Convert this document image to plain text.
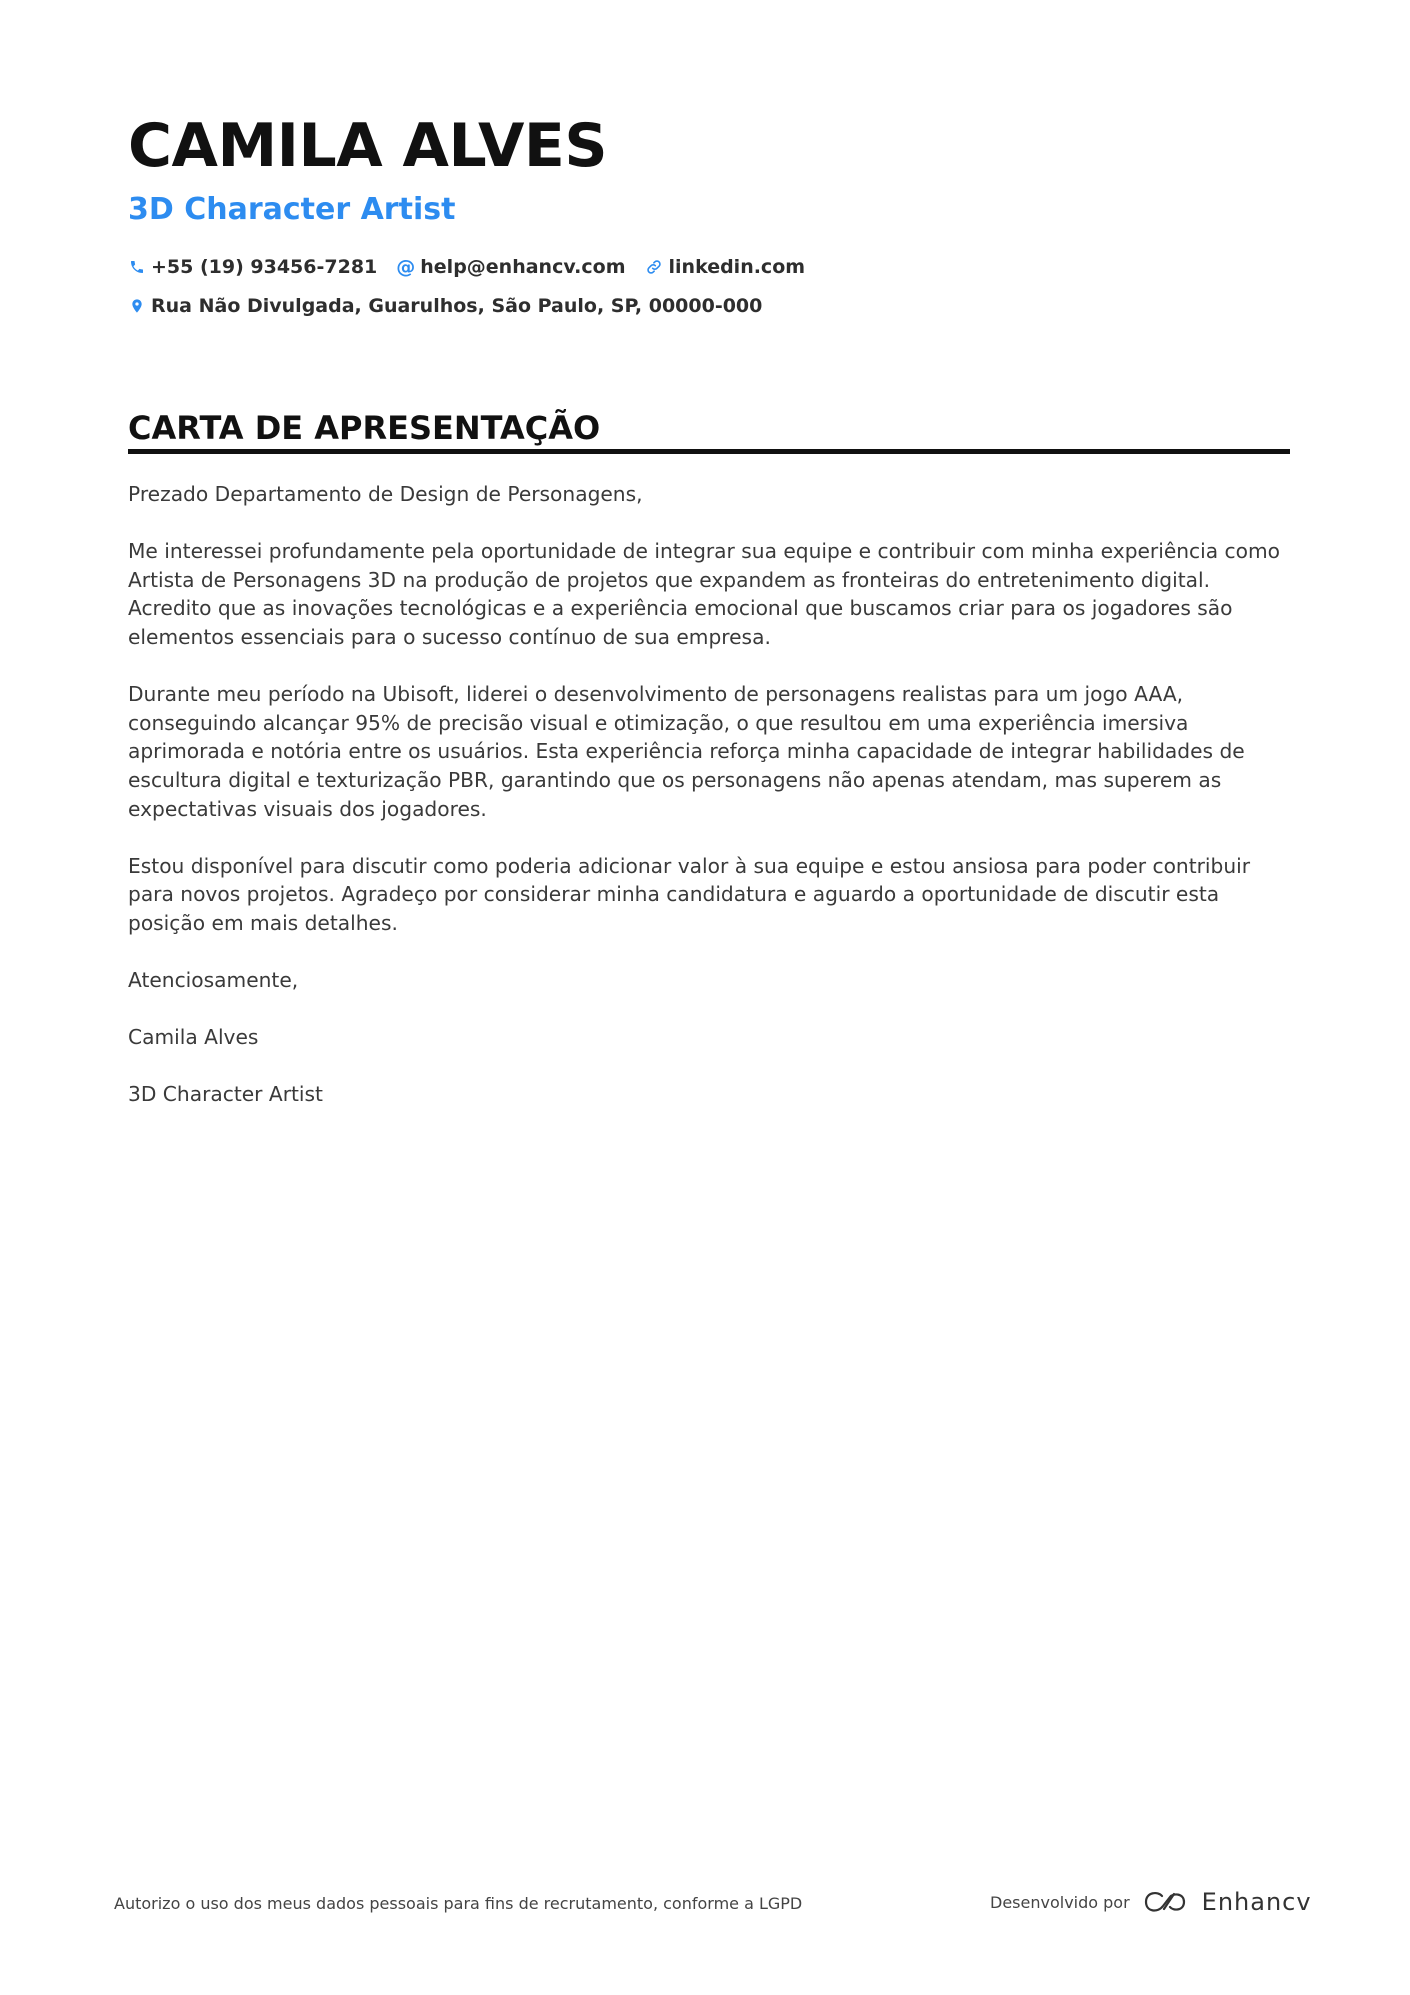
CAMILA ALVES
3D Character Artist
+55 (19) 93456-7281 @ help@enhancv.com linkedin.com
Rua Não Divulgada, Guarulhos, São Paulo, SP, 00000-000
CARTA DE APRESENTAÇÃO

Prezado Departamento de Design de Personagens,

Me interessei profundamente pela oportunidade de integrar sua equipe e contribuir com minha experiência como Artista de Personagens 3D na produção de projetos que expandem as fronteiras do entretenimento digital. Acredito que as inovações tecnológicas e a experiência emocional que buscamos criar para os jogadores são elementos essenciais para o sucesso contínuo de sua empresa.

Durante meu período na Ubisoft, liderei o desenvolvimento de personagens realistas para um jogo AAA, conseguindo alcançar 95% de precisão visual e otimização, o que resultou em uma experiência imersiva aprimorada e notória entre os usuários. Esta experiência reforça minha capacidade de integrar habilidades de escultura digital e texturização PBR, garantindo que os personagens não apenas atendam, mas superem as expectativas visuais dos jogadores.

Estou disponível para discutir como poderia adicionar valor à sua equipe e estou ansiosa para poder contribuir para novos projetos. Agradeço por considerar minha candidatura e aguardo a oportunidade de discutir esta posição em mais detalhes.

Atenciosamente,

Camila Alves

3D Character Artist

Autorizo o uso dos meus dados pessoais para fins de recrutamento, conforme a LGPD	Desenvolvido por	Enhancv
